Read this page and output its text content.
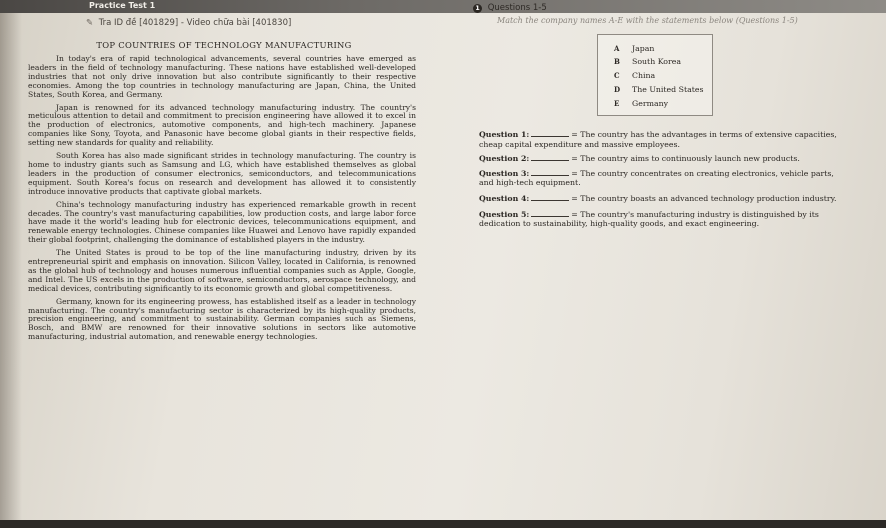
Practice Test 1
✎ Tra ID đề [401829] - Video chữa bài [401830]
1 Questions 1-5
Match the company names A-E with the statements below (Questions 1-5)
TOP COUNTRIES OF TECHNOLOGY MANUFACTURING

In today's era of rapid technological advancements, several countries have emerged as leaders in the field of technology manufacturing. These nations have established well-developed industries that not only drive innovation but also contribute significantly to their respective economies. Among the top countries in technology manufacturing are Japan, China, the United States, South Korea, and Germany.

Japan is renowned for its advanced technology manufacturing industry. The country's meticulous attention to detail and commitment to precision engineering have allowed it to excel in the production of electronics, automotive components, and high-tech machinery. Japanese companies like Sony, Toyota, and Panasonic have become global giants in their respective fields, setting new standards for quality and reliability.

South Korea has also made significant strides in technology manufacturing. The country is home to industry giants such as Samsung and LG, which have established themselves as global leaders in the production of consumer electronics, semiconductors, and telecommunications equipment. South Korea's focus on research and development has allowed it to consistently introduce innovative products that captivate global markets.

China's technology manufacturing industry has experienced remarkable growth in recent decades. The country's vast manufacturing capabilities, low production costs, and large labor force have made it the world's leading hub for electronic devices, telecommunications equipment, and renewable energy technologies. Chinese companies like Huawei and Lenovo have rapidly expanded their global footprint, challenging the dominance of established players in the industry.

The United States is proud to be top of the line manufacturing industry, driven by its entrepreneurial spirit and emphasis on innovation. Silicon Valley, located in California, is renowned as the global hub of technology and houses numerous influential companies such as Apple, Google, and Intel. The US excels in the production of software, semiconductors, aerospace technology, and medical devices, contributing significantly to its economic growth and global competitiveness.

Germany, known for its engineering prowess, has established itself as a leader in technology manufacturing. The country's manufacturing sector is characterized by its high-quality products, precision engineering, and commitment to sustainability. German companies such as Siemens, Bosch, and BMW are renowned for their innovative solutions in sectors like automotive manufacturing, industrial automation, and renewable energy technologies.

A Japan
B South Korea
C China
D The United States
E Germany
Question 1:	= The country has the advantages in terms of extensive capacities, cheap capital expenditure and massive employees.
Question 2:	= The country aims to continuously launch new products.
Question 3:	= The country concentrates on creating electronics, vehicle parts, and high-tech equipment.
Question 4:	= The country boasts an advanced technology production industry.
Question 5:	= The country's manufacturing industry is distinguished by its dedication to sustainability, high-quality goods, and exact engineering.
